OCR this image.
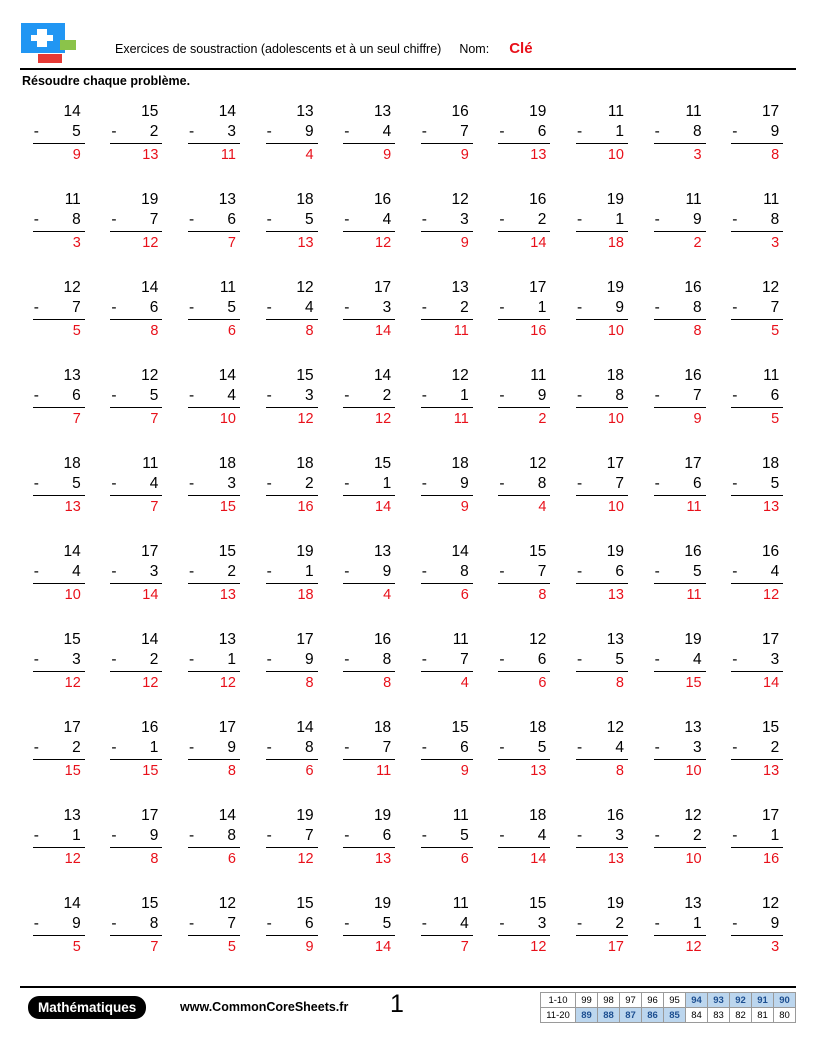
Exercices de soustraction (adolescents et à un seul chiffre) Nom: Clé
Résoudre chaque problème.
14
- 5
9
15
- 2
13
14
- 3
11
13
- 9
4
13
- 4
9
16
- 7
9
19
- 6
13
11
- 1
10
11
- 8
3
17
- 9
8
11
- 8
3
19
- 7
12
13
- 6
7
18
- 5
13
16
- 4
12
12
- 3
9
16
- 2
14
19
- 1
18
11
- 9
2
11
- 8
3
12
- 7
5
14
- 6
8
11
- 5
6
12
- 4
8
17
- 3
14
13
- 2
11
17
- 1
16
19
- 9
10
16
- 8
8
12
- 7
5
13
- 6
7
12
- 5
7
14
- 4
10
15
- 3
12
14
- 2
12
12
- 1
11
11
- 9
2
18
- 8
10
16
- 7
9
11
- 6
5
18
- 5
13
11
- 4
7
18
- 3
15
18
- 2
16
15
- 1
14
18
- 9
9
12
- 8
4
17
- 7
10
17
- 6
11
18
- 5
13
14
- 4
10
17
- 3
14
15
- 2
13
19
- 1
18
13
- 9
4
14
- 8
6
15
- 7
8
19
- 6
13
16
- 5
11
16
- 4
12
15
- 3
12
14
- 2
12
13
- 1
12
17
- 9
8
16
- 8
8
11
- 7
4
12
- 6
6
13
- 5
8
19
- 4
15
17
- 3
14
17
- 2
15
16
- 1
15
17
- 9
8
14
- 8
6
18
- 7
11
15
- 6
9
18
- 5
13
12
- 4
8
13
- 3
10
15
- 2
13
13
- 1
12
17
- 9
8
14
- 8
6
19
- 7
12
19
- 6
13
11
- 5
6
18
- 4
14
16
- 3
13
12
- 2
10
17
- 1
16
14
- 9
5
15
- 8
7
12
- 7
5
15
- 6
9
19
- 5
14
11
- 4
7
15
- 3
12
19
- 2
17
13
- 1
12
12
- 9
3
Mathématiques	www.CommonCoreSheets.fr 1	1-10	99	98	97	96	95	94	93	92	91	90
11-20	89	88	87	86	85	84	83	82	81	80
